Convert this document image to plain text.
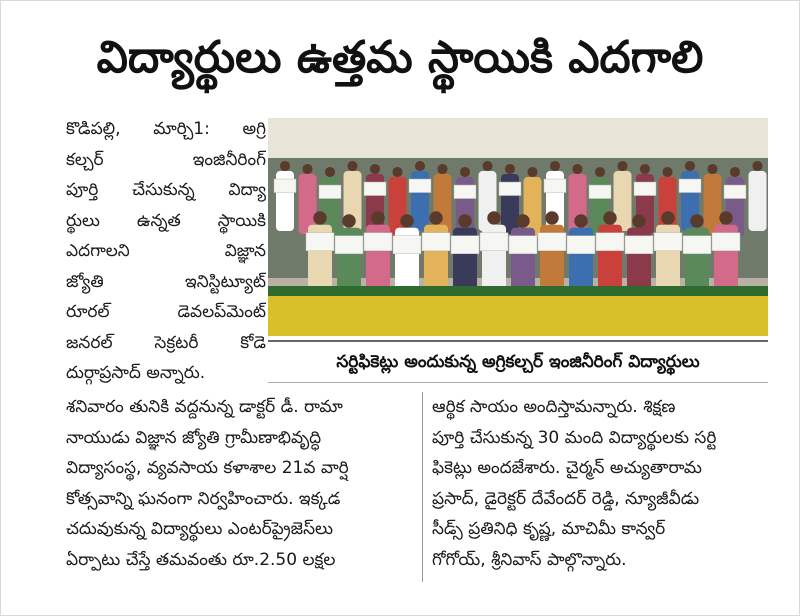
విద్యార్థులు ఉత్తమ స్థాయికి ఎదగాలి
కొడిపల్లి, మార్చి1: అగ్రి
కల్చర్ ఇంజినీరింగ్
పూర్తి చేసుకున్న విద్యా
ర్థులు ఉన్నత స్థాయికి
ఎదగాలని విజ్ఞాన
జ్యోతి ఇనిస్టిట్యూట్
రూరల్ డెవలప్‌మెంట్
జనరల్ సెక్రటరీ కోడె
దుర్గాప్రసాద్ అన్నారు.
సర్టిఫికెట్లు అందుకున్న అగ్రికల్చర్ ఇంజినీరింగ్ విద్యార్థులు
శనివారం తునికి వద్దనున్న డాక్టర్ డీ. రామా
నాయుడు విజ్ఞాన జ్యోతి గ్రామీణాభివృద్ధి
విద్యాసంస్థ, వ్యవసాయ కళాశాల 21వ వార్షి
కోత్సవాన్ని ఘనంగా నిర్వహించారు. ఇక్కడ
చదువుకున్న విద్యార్థులు ఎంటర్‌ప్రైజెస్‌లు
ఏర్పాటు చేస్తే తమవంతు రూ.2.50 లక్షల
ఆర్థిక సాయం అందిస్తామన్నారు. శిక్షణ
పూర్తి చేసుకున్న 30 మంది విద్యార్థులకు సర్టి
ఫికెట్లు అందజేశారు. చైర్మన్ అచ్యుతారామ
ప్రసాద్, డైరెక్టర్ దేవేందర్ రెడ్డి, న్యూజీవీడు
సీడ్స్ ప్రతినిధి కృష్ణ, మాచిమీ కాన్వర్
గోగోయ్, శ్రీనివాస్ పాల్గొన్నారు.
